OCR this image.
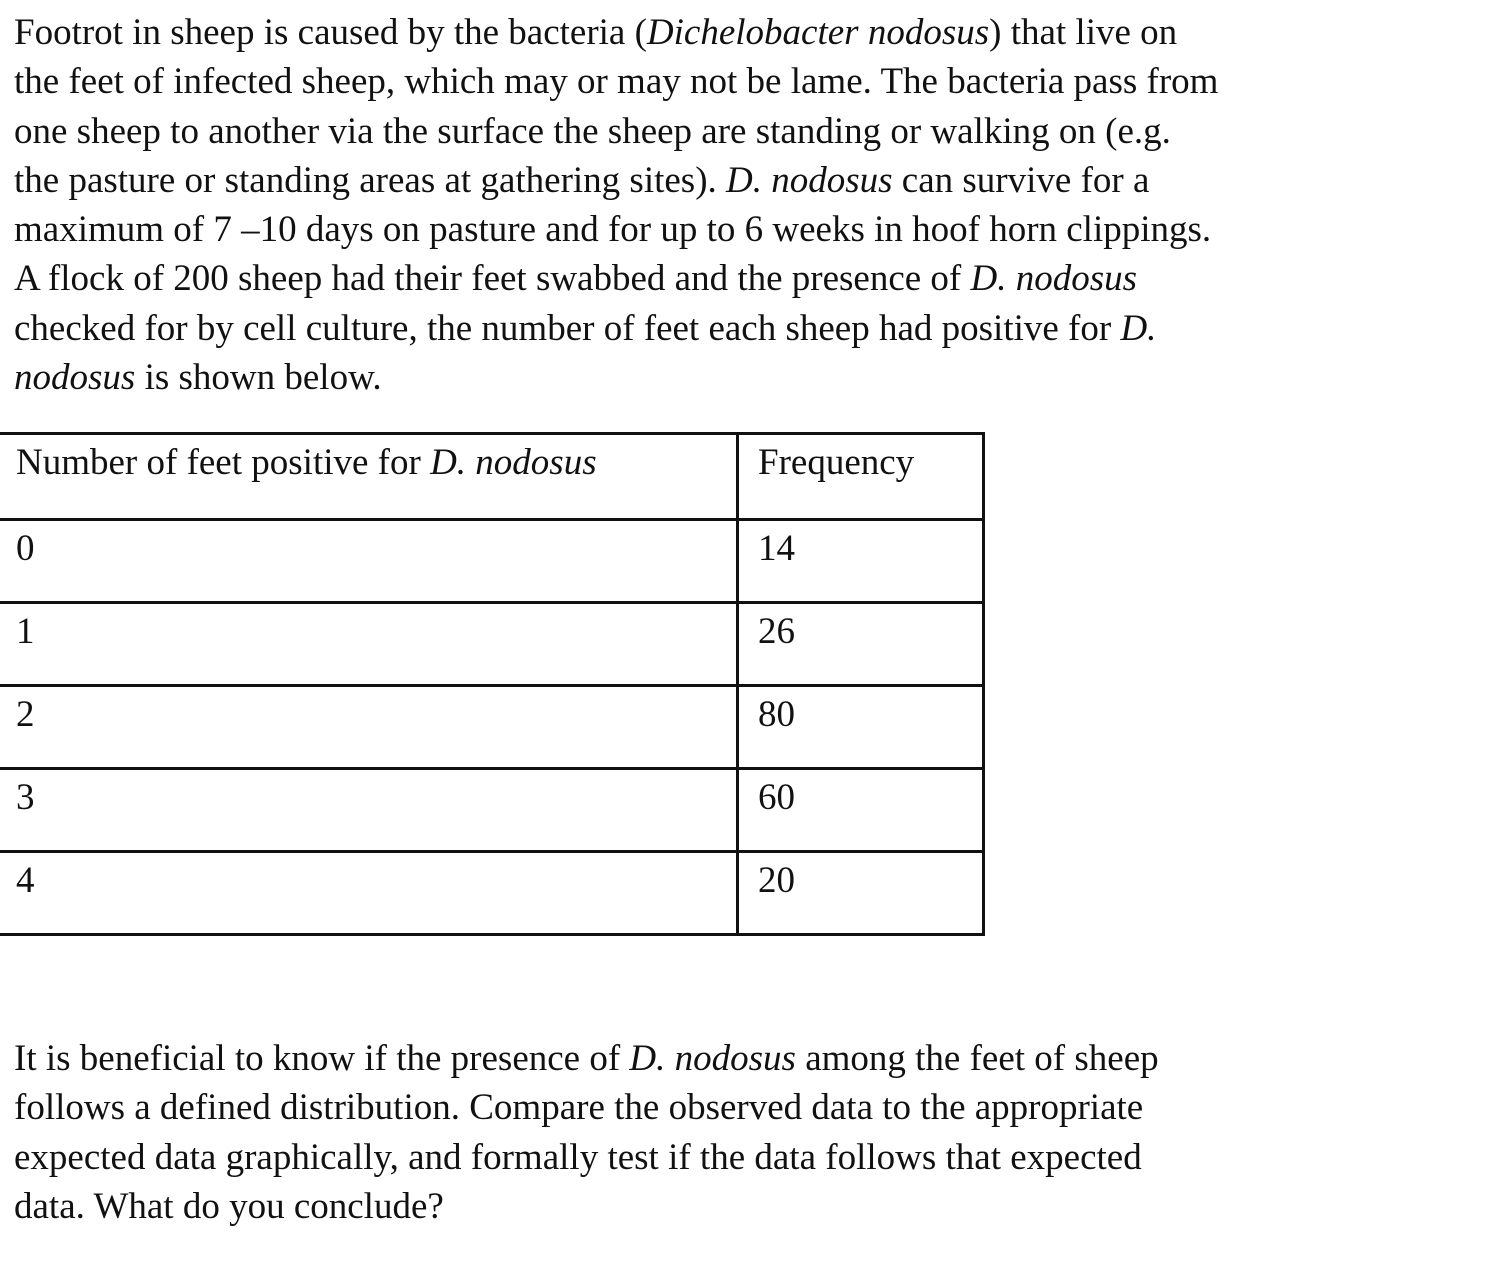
Footrot in sheep is caused by the bacteria (Dichelobacter nodosus) that live on
the feet of infected sheep, which may or may not be lame. The bacteria pass from
one sheep to another via the surface the sheep are standing or walking on (e.g.
the pasture or standing areas at gathering sites). D. nodosus can survive for a
maximum of 7 –10 days on pasture and for up to 6 weeks in hoof horn clippings.
A flock of 200 sheep had their feet swabbed and the presence of D. nodosus
checked for by cell culture, the number of feet each sheep had positive for D.
nodosus is shown below.
Number of feet positive for D. nodosus	Frequency
0	14
1	26
2	80
3	60
4	20
It is beneficial to know if the presence of D. nodosus among the feet of sheep
follows a defined distribution. Compare the observed data to the appropriate
expected data graphically, and formally test if the data follows that expected
data. What do you conclude?
